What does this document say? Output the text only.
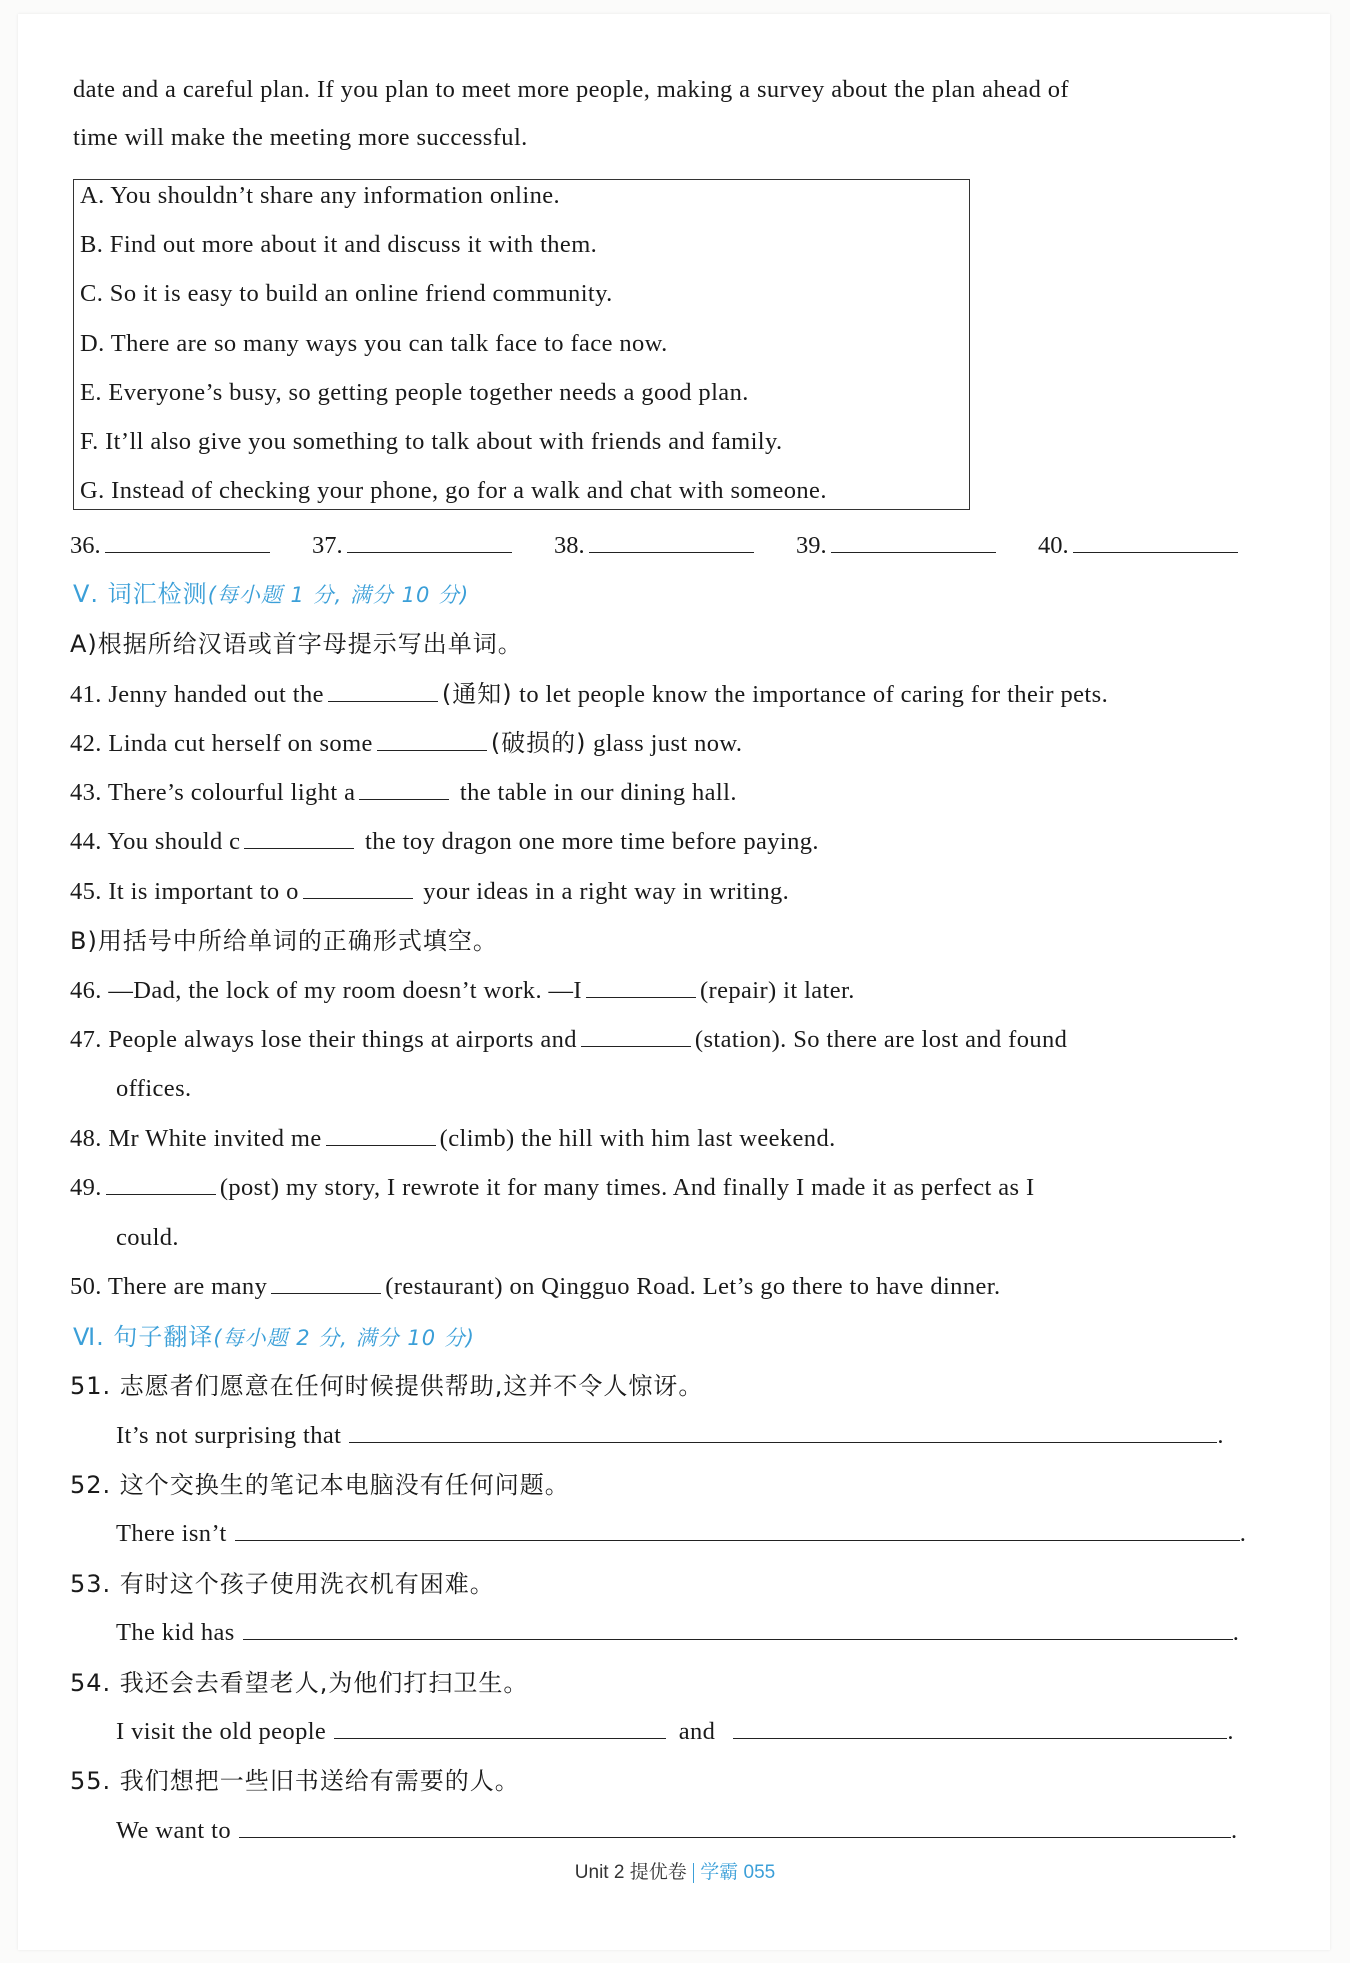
date and a careful plan. If you plan to meet more people, making a survey about the plan ahead of
time will make the meeting more successful.
A. You shouldn’t share any information online.
B. Find out more about it and discuss it with them.
C. So it is easy to build an online friend community.
D. There are so many ways you can talk face to face now.
E. Everyone’s busy, so getting people together needs a good plan.
F. It’ll also give you something to talk about with friends and family.
G. Instead of checking your phone, go for a walk and chat with someone.
36.	37.	38.	39.	40.
Ⅴ. 词汇检测(每小题 1 分, 满分 10 分)
A)根据所给汉语或首字母提示写出单词。
41. Jenny handed out the	(通知) to let people know the importance of caring for their pets.
42. Linda cut herself on some	(破损的) glass just now.
43. There’s colourful light a	the table in our dining hall.
44. You should c	the toy dragon one more time before paying.
45. It is important to o	your ideas in a right way in writing.
B)用括号中所给单词的正确形式填空。
46. —Dad, the lock of my room doesn’t work. —I	(repair) it later.
47. People always lose their things at airports and	(station). So there are lost and found
offices.
48. Mr White invited me	(climb) the hill with him last weekend.
49.	(post) my story, I rewrote it for many times. And finally I made it as perfect as I
could.
50. There are many	(restaurant) on Qingguo Road. Let’s go there to have dinner.
Ⅵ. 句子翻译(每小题 2 分, 满分 10 分)
51. 志愿者们愿意在任何时候提供帮助,这并不令人惊讶。
It’s not surprising that	.
52. 这个交换生的笔记本电脑没有任何问题。
There isn’t	.
53. 有时这个孩子使用洗衣机有困难。
The kid has	.
54. 我还会去看望老人,为他们打扫卫生。
I visit the old people	and	.
55. 我们想把一些旧书送给有需要的人。
We want to	.
Unit 2 提优卷 学霸 055
